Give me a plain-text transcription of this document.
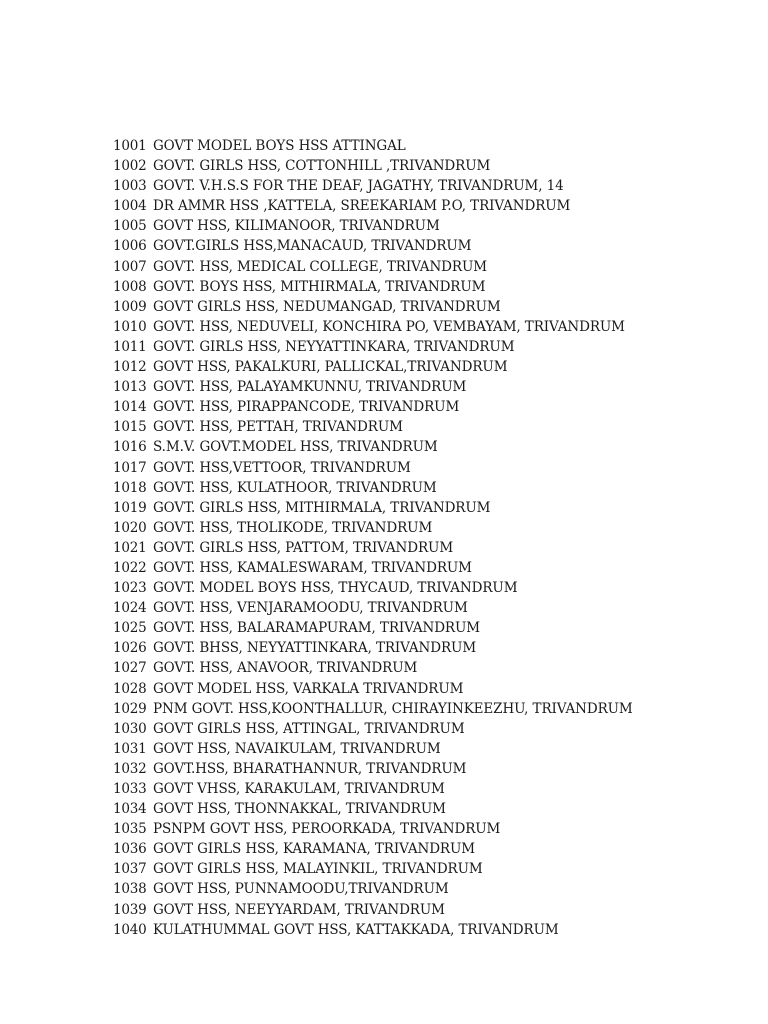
1001 GOVT MODEL BOYS HSS ATTINGAL
1002 GOVT. GIRLS HSS, COTTONHILL ,TRIVANDRUM
1003 GOVT. V.H.S.S FOR THE DEAF, JAGATHY, TRIVANDRUM, 14
1004 DR AMMR HSS ,KATTELA, SREEKARIAM P.O, TRIVANDRUM
1005 GOVT HSS, KILIMANOOR, TRIVANDRUM
1006 GOVT.GIRLS HSS,MANACAUD, TRIVANDRUM
1007 GOVT. HSS, MEDICAL COLLEGE, TRIVANDRUM
1008 GOVT. BOYS HSS, MITHIRMALA, TRIVANDRUM
1009 GOVT GIRLS HSS, NEDUMANGAD, TRIVANDRUM
1010 GOVT. HSS, NEDUVELI, KONCHIRA PO, VEMBAYAM, TRIVANDRUM
1011 GOVT. GIRLS HSS, NEYYATTINKARA, TRIVANDRUM
1012 GOVT HSS, PAKALKURI, PALLICKAL,TRIVANDRUM
1013 GOVT. HSS, PALAYAMKUNNU, TRIVANDRUM
1014 GOVT. HSS, PIRAPPANCODE, TRIVANDRUM
1015 GOVT. HSS, PETTAH, TRIVANDRUM
1016 S.M.V. GOVT.MODEL HSS, TRIVANDRUM
1017 GOVT. HSS,VETTOOR, TRIVANDRUM
1018 GOVT. HSS, KULATHOOR, TRIVANDRUM
1019 GOVT. GIRLS HSS, MITHIRMALA, TRIVANDRUM
1020 GOVT. HSS, THOLIKODE, TRIVANDRUM
1021 GOVT. GIRLS HSS, PATTOM, TRIVANDRUM
1022 GOVT. HSS, KAMALESWARAM, TRIVANDRUM
1023 GOVT. MODEL BOYS HSS, THYCAUD, TRIVANDRUM
1024 GOVT. HSS, VENJARAMOODU, TRIVANDRUM
1025 GOVT. HSS, BALARAMAPURAM, TRIVANDRUM
1026 GOVT. BHSS, NEYYATTINKARA, TRIVANDRUM
1027 GOVT. HSS, ANAVOOR, TRIVANDRUM
1028 GOVT MODEL HSS, VARKALA TRIVANDRUM
1029 PNM GOVT. HSS,KOONTHALLUR, CHIRAYINKEEZHU, TRIVANDRUM
1030 GOVT GIRLS HSS, ATTINGAL, TRIVANDRUM
1031 GOVT HSS, NAVAIKULAM, TRIVANDRUM
1032 GOVT.HSS, BHARATHANNUR, TRIVANDRUM
1033 GOVT VHSS, KARAKULAM, TRIVANDRUM
1034 GOVT HSS, THONNAKKAL, TRIVANDRUM
1035 PSNPM GOVT HSS, PEROORKADA, TRIVANDRUM
1036 GOVT GIRLS HSS, KARAMANA, TRIVANDRUM
1037 GOVT GIRLS HSS, MALAYINKIL, TRIVANDRUM
1038 GOVT HSS, PUNNAMOODU,TRIVANDRUM
1039 GOVT HSS, NEEYYARDAM, TRIVANDRUM
1040 KULATHUMMAL GOVT HSS, KATTAKKADA, TRIVANDRUM
